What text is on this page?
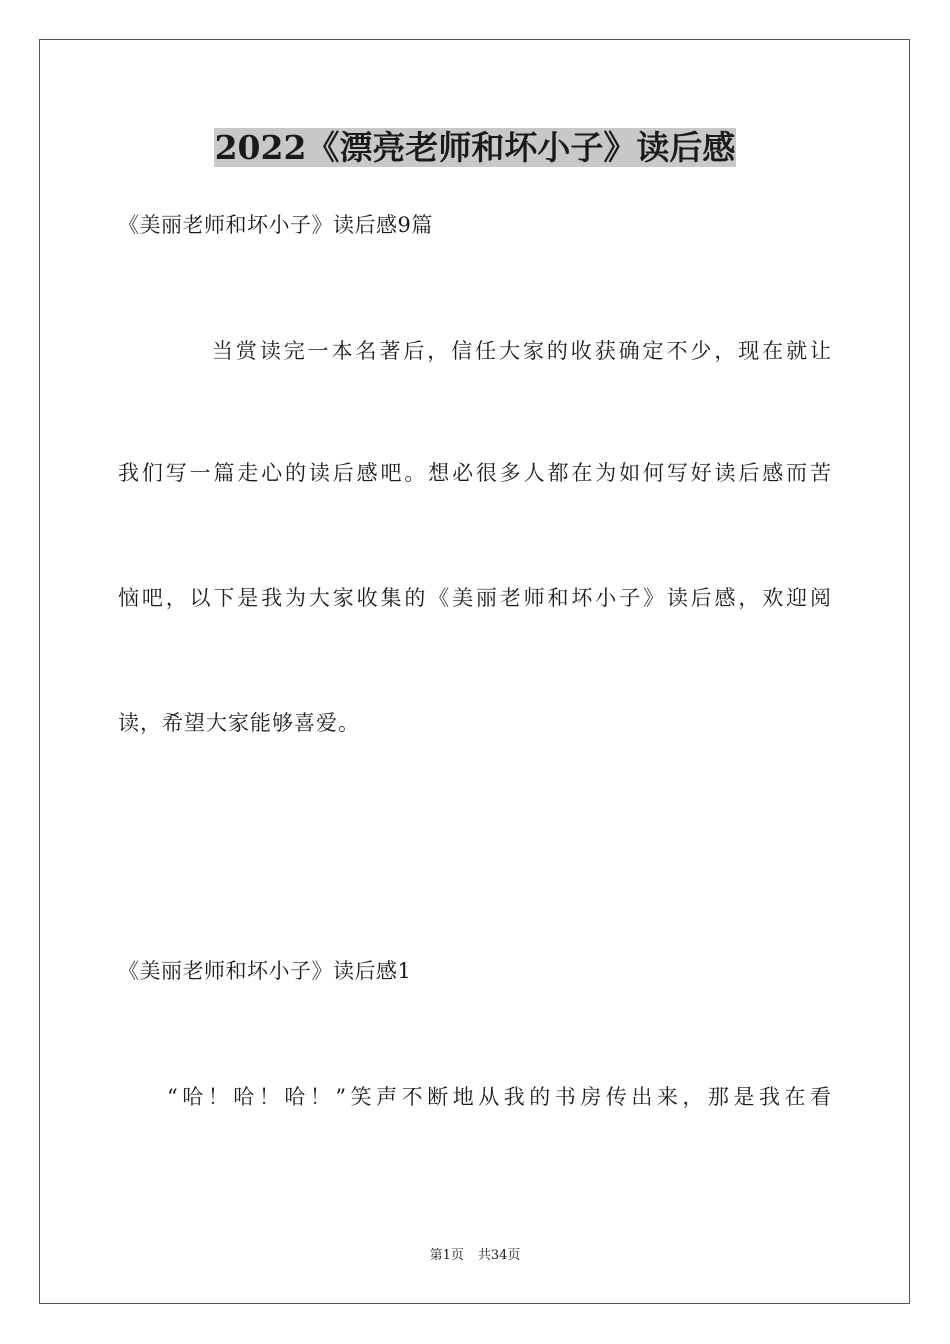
2022《漂亮老师和坏小子》读后感

《美丽老师和坏小子》读后感9篇

当赏读完一本名著后，信任大家的收获确定不少，现在就让

我们写一篇走心的读后感吧。想必很多人都在为如何写好读后感而苦

恼吧，以下是我为大家收集的《美丽老师和坏小子》读后感，欢迎阅

读，希望大家能够喜爱。

《美丽老师和坏小子》读后感1

“哈！哈！哈！”笑声不断地从我的书房传出来，那是我在看

第1页 共34页
